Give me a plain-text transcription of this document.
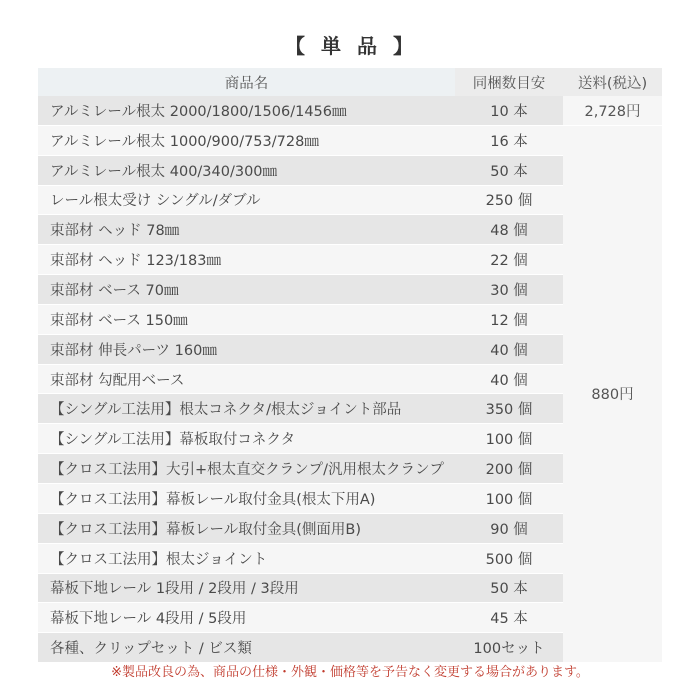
【 単 品 】
商品名	同梱数目安	送料(税込)
アルミレール根太 2000/1800/1506/1456㎜	10 本	2,728円
アルミレール根太 1000/900/753/728㎜	16 本	880円
アルミレール根太 400/340/300㎜	50 本	
レール根太受け シングル/ダブル	250 個	
束部材 ヘッド 78㎜	48 個	
束部材 ヘッド 123/183㎜	22 個	
束部材 ベース 70㎜	30 個	
束部材 ベース 150㎜	12 個	
束部材 伸長パーツ 160㎜	40 個	
束部材 勾配用ベース	40 個	
【シングル工法用】根太コネクタ/根太ジョイント部品	350 個	
【シングル工法用】幕板取付コネクタ	100 個	
【クロス工法用】大引+根太直交クランプ/汎用根太クランプ	200 個	
【クロス工法用】幕板レール取付金具(根太下用A)	100 個	
【クロス工法用】幕板レール取付金具(側面用B)	90 個	
【クロス工法用】根太ジョイント	500 個	
幕板下地レール 1段用 / 2段用 / 3段用	50 本	
幕板下地レール 4段用 / 5段用	45 本	
各種、クリップセット / ビス類	100セット	
※製品改良の為、商品の仕様・外観・価格等を予告なく変更する場合があります。
